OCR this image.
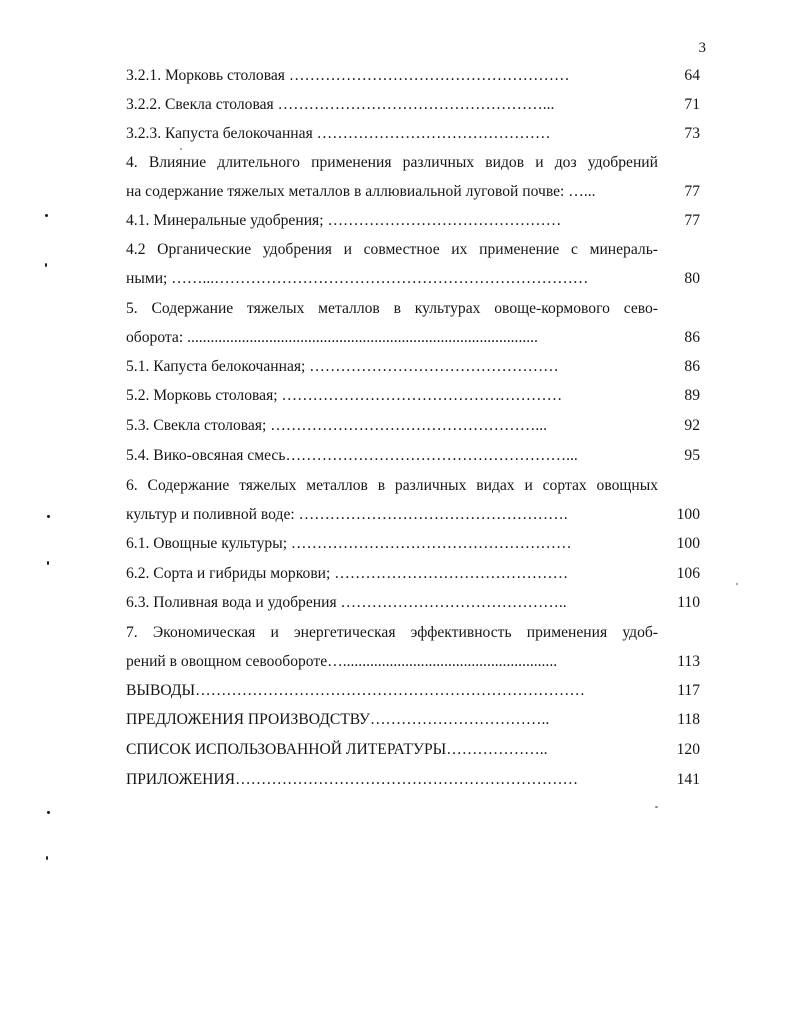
3
3.2.1. Морковь столовая ………………………………………………	64
3.2.2. Свекла столовая ……………………………………………...	71
3.2.3. Капуста белокочанная ………………………………………	73
4. Влияние длительного применения различных видов и доз удобрений
на содержание тяжелых металлов в аллювиальной луговой почве: …...	77
4.1. Минеральные удобрения; ………………………………………	77
4.2 Органические удобрения и совместное их применение с минераль-
ными; ……...………………………………………………………………	80
5. Содержание тяжелых металлов в культурах овоще-кормового сево-
оборота: ..........................................................................................	86
5.1. Капуста белокочанная; …………………………………………	86
5.2. Морковь столовая; ………………………………………………	89
5.3. Свекла столовая; ……………………………………………...	92
5.4. Вико-овсяная смесь………………………………………………...	95
6. Содержание тяжелых металлов в различных видах и сортах овощных
культур и поливной воде: …………………………………………….	100
6.1. Овощные культуры; ………………………………………………	100
6.2. Сорта и гибриды моркови; ………………………………………	106
6.3. Поливная вода и удобрения ……………………………………..	110
7. Экономическая и энергетическая эффективность применения удоб-
рений в овощном севообороте….......................................................	113
ВЫВОДЫ…………………………………………………………………	117
ПРЕДЛОЖЕНИЯ ПРОИЗВОДСТВУ……………………………..	118
СПИСОК ИСПОЛЬЗОВАННОЙ ЛИТЕРАТУРЫ………………..	120
ПРИЛОЖЕНИЯ…………………………………………………………	141
